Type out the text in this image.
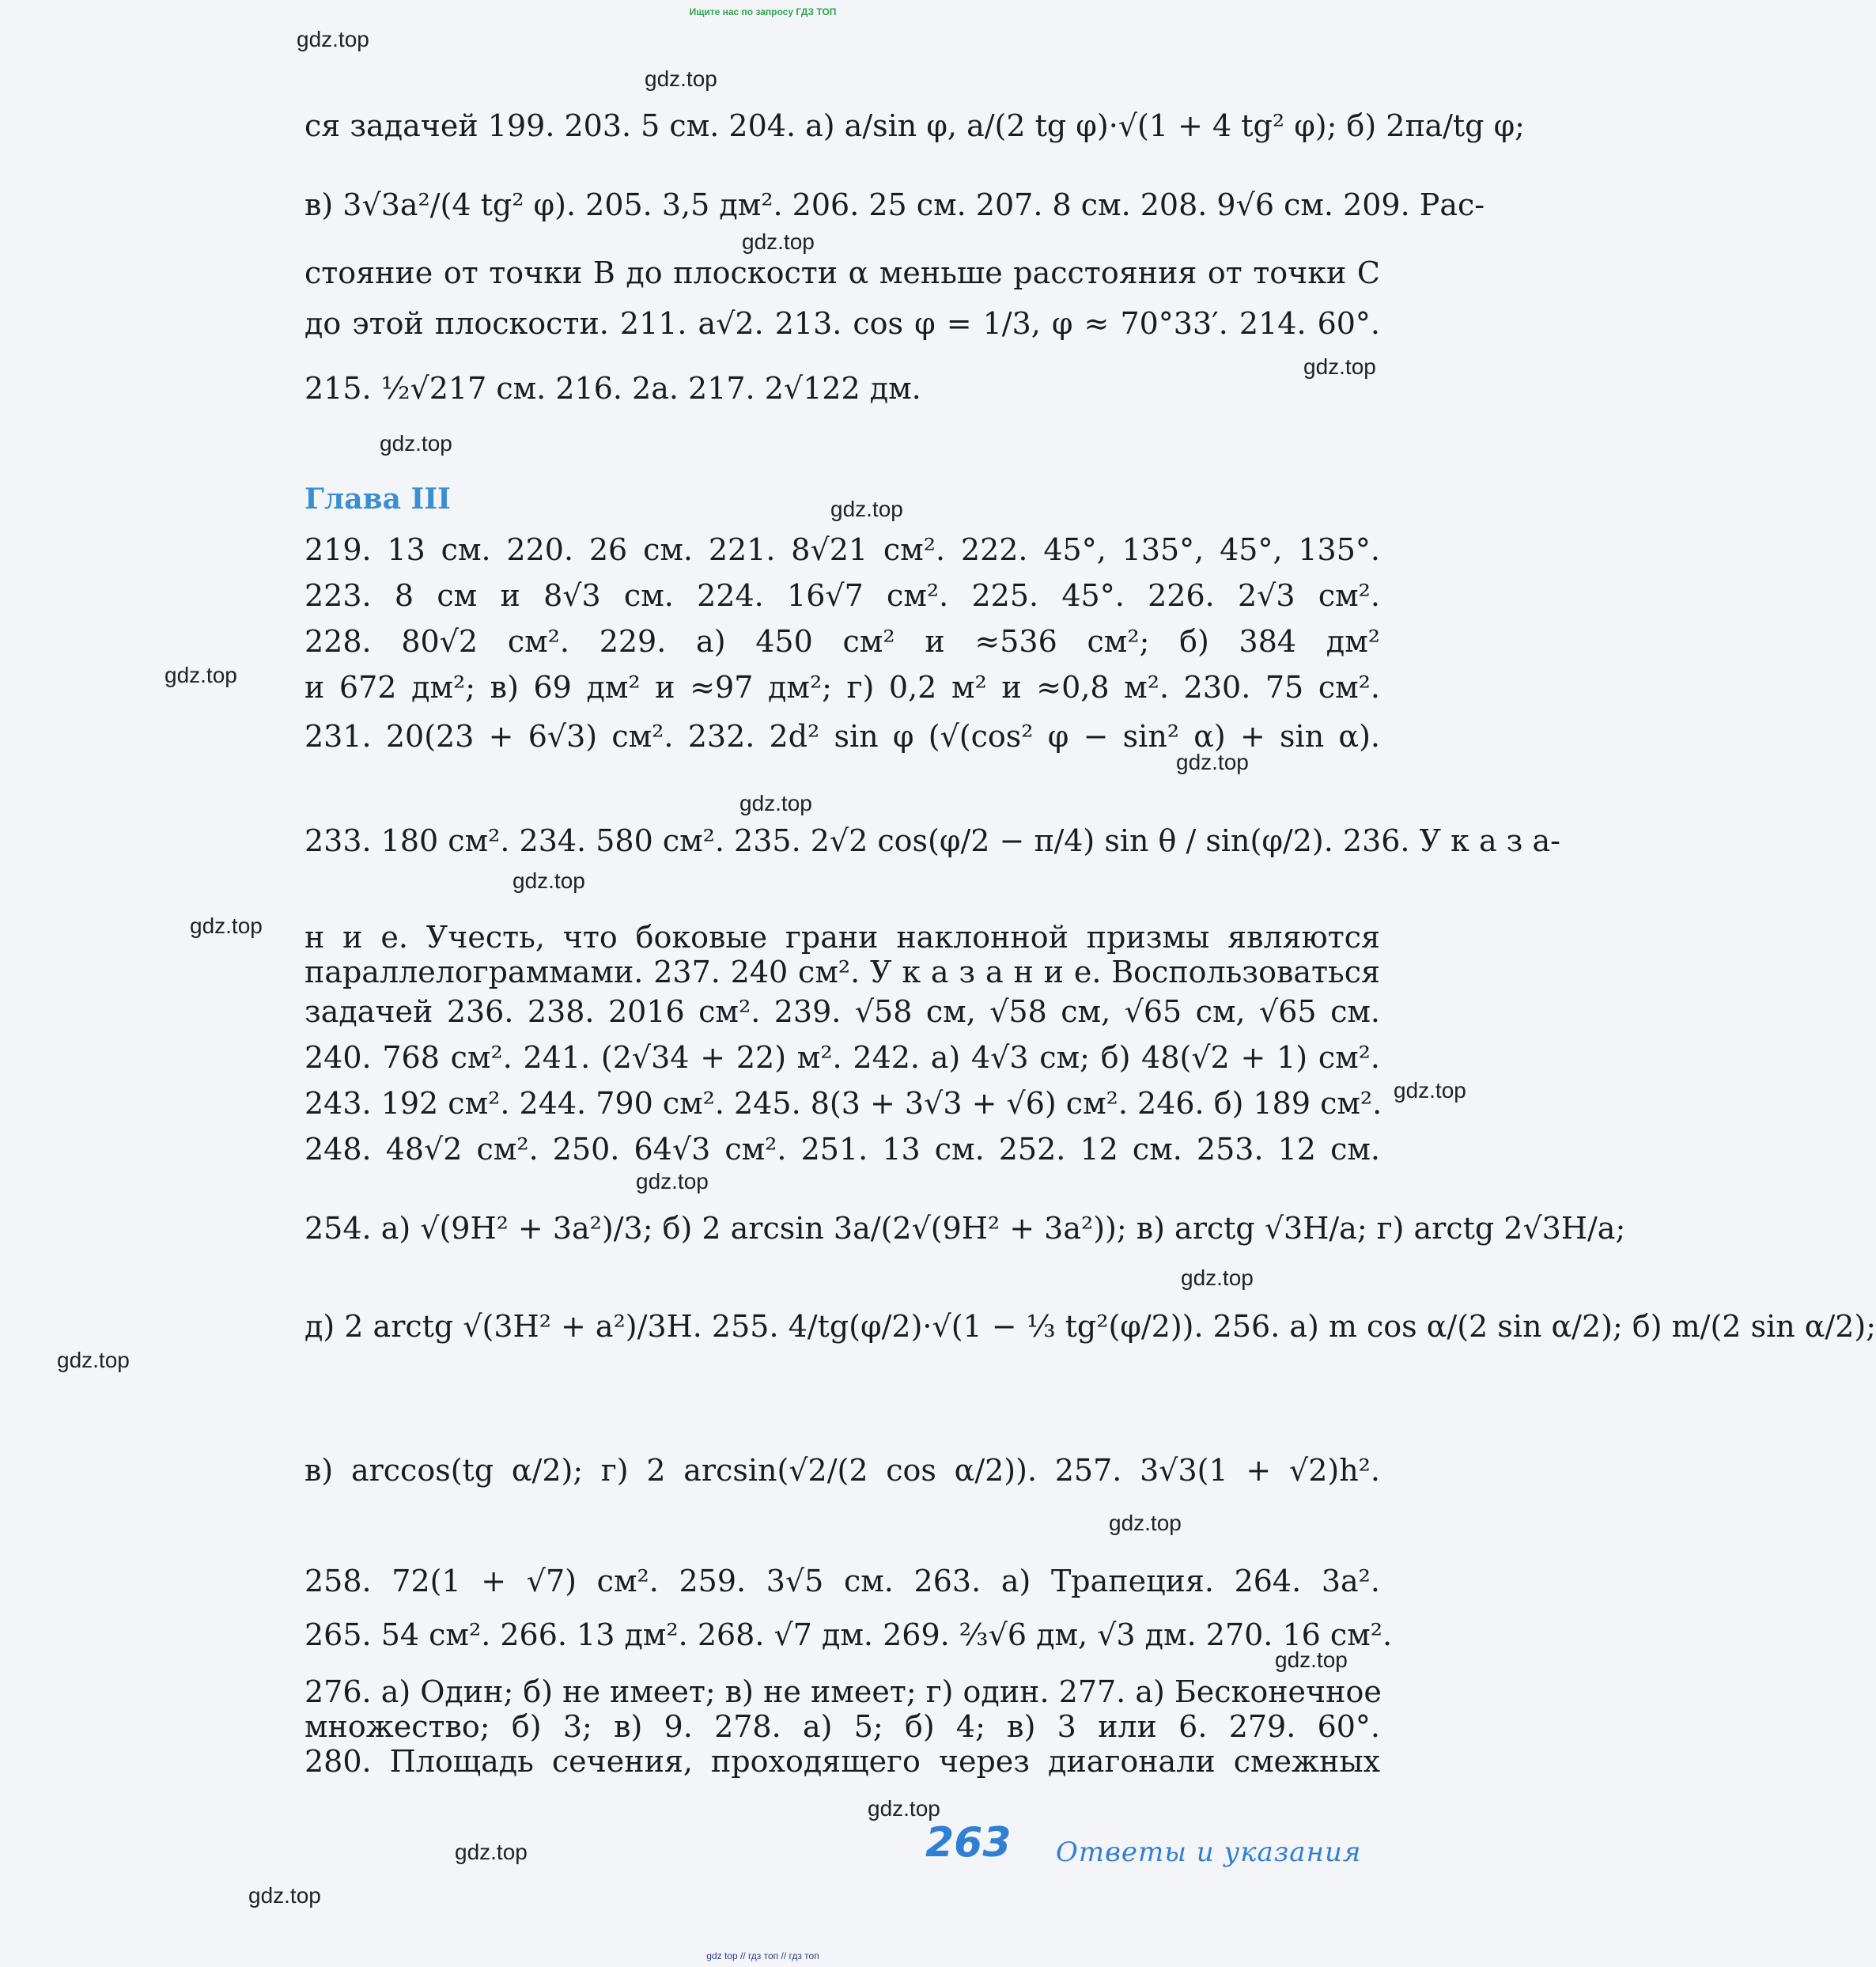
Ищите нас по запросу ГДЗ ТОП
gdz.top
gdz.top
gdz.top
gdz.top
gdz.top
gdz.top
gdz.top
gdz.top
gdz.top
gdz.top
gdz.top
gdz.top
gdz.top
gdz.top
gdz.top
gdz.top
gdz.top
gdz.top
gdz.top
gdz.top
ся задачей 199. 203. 5 см. 204. а) a/sin φ, a/(2 tg φ)·√(1 + 4 tg² φ); б) 2πa/tg φ;
в) 3√3a²/(4 tg² φ). 205. 3,5 дм². 206. 25 см. 207. 8 см. 208. 9√6 см. 209. Рас-
стояние от точки B до плоскости α меньше расстояния от точки C
до этой плоскости. 211. a√2. 213. cos φ = 1/3, φ ≈ 70°33′. 214. 60°.
215. ½√217 см. 216. 2a. 217. 2√122 дм.
Глава III
219. 13 см. 220. 26 см. 221. 8√21 см². 222. 45°, 135°, 45°, 135°.
223. 8 см и 8√3 см. 224. 16√7 см². 225. 45°. 226. 2√3 см².
228. 80√2 см². 229. а) 450 см² и ≈536 см²; б) 384 дм²
и 672 дм²; в) 69 дм² и ≈97 дм²; г) 0,2 м² и ≈0,8 м². 230. 75 см².
231. 20(23 + 6√3) см². 232. 2d² sin φ (√(cos² φ − sin² α) + sin α).
233. 180 см². 234. 580 см². 235. 2√2 cos(φ/2 − π/4) sin θ / sin(φ/2). 236. У к а з а-
н и е. Учесть, что боковые грани наклонной призмы являются
параллелограммами. 237. 240 см². У к а з а н и е. Воспользоваться
задачей 236. 238. 2016 см². 239. √58 см, √58 см, √65 см, √65 см.
240. 768 см². 241. (2√34 + 22) м². 242. а) 4√3 см; б) 48(√2 + 1) см².
243. 192 см². 244. 790 см². 245. 8(3 + 3√3 + √6) см². 246. б) 189 см².
248. 48√2 см². 250. 64√3 см². 251. 13 см. 252. 12 см. 253. 12 см.
254. а) √(9H² + 3a²)/3; б) 2 arcsin 3a/(2√(9H² + 3a²)); в) arctg √3H/a; г) arctg 2√3H/a;
д) 2 arctg √(3H² + a²)/3H. 255. 4/tg(φ/2)·√(1 − ⅓ tg²(φ/2)). 256. а) m cos α/(2 sin α/2); б) m/(2 sin α/2);
в) arccos(tg α/2); г) 2 arcsin(√2/(2 cos α/2)). 257. 3√3(1 + √2)h².
258. 72(1 + √7) см². 259. 3√5 см. 263. а) Трапеция. 264. 3a².
265. 54 см². 266. 13 дм². 268. √7 дм. 269. ⅔√6 дм, √3 дм. 270. 16 см².
276. а) Один; б) не имеет; в) не имеет; г) один. 277. а) Бесконечное
множество; б) 3; в) 9. 278. а) 5; б) 4; в) 3 или 6. 279. 60°.
280. Площадь сечения, проходящего через диагонали смежных
263 Ответы и указания
gdz top // гдз топ // гдз топ
